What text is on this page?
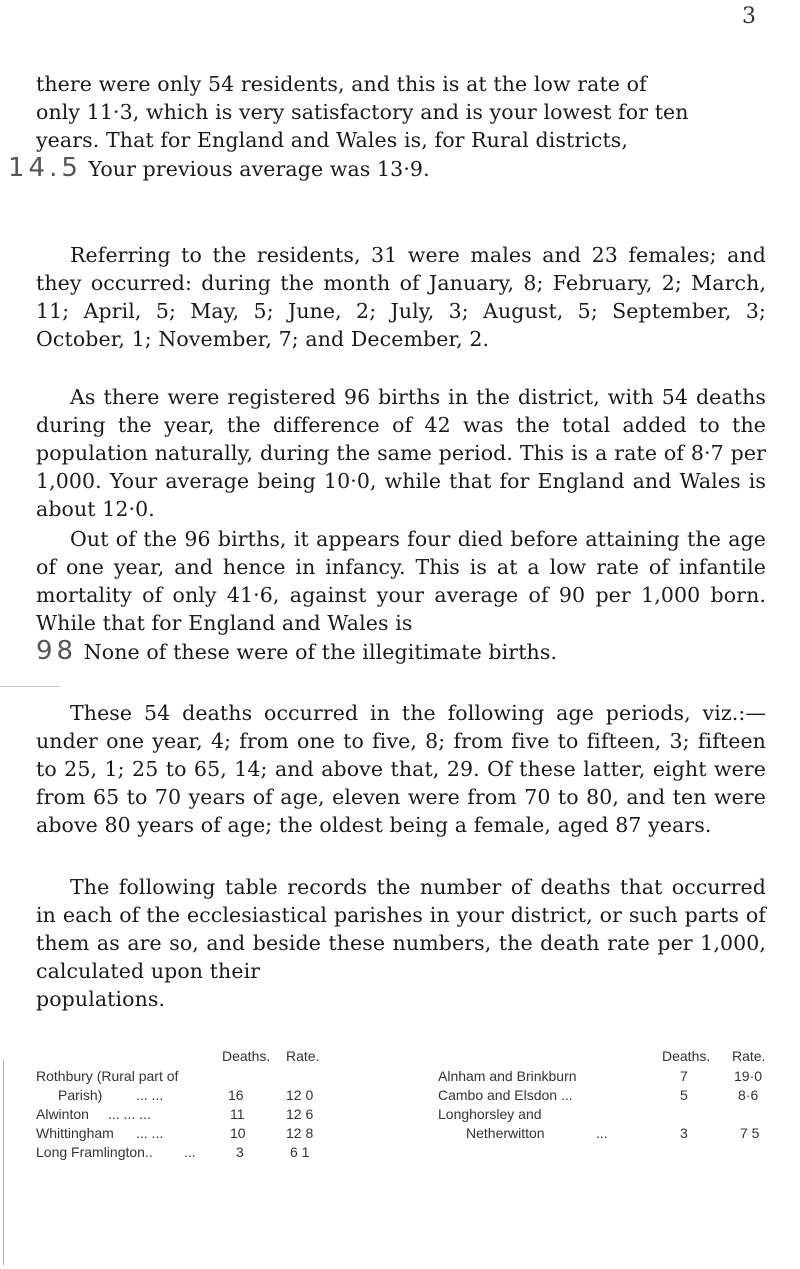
3

there were only 54 residents, and this is at the low rate of
only 11·3, which is very satisfactory and is your lowest for ten
years. That for England and Wales is, for Rural districts,
14.5 Your previous average was 13·9.

Referring to the residents, 31 were males and 23 females; and they occurred: during the month of January, 8; February, 2; March, 11; April, 5; May, 5; June, 2; July, 3; August, 5; September, 3; October, 1; November, 7; and December, 2.

As there were registered 96 births in the district, with 54 deaths during the year, the difference of 42 was the total added to the population naturally, during the same period. This is a rate of 8·7 per 1,000. Your average being 10·0, while that for England and Wales is about 12·0.

Out of the 96 births, it appears four died before attaining the age of one year, and hence in infancy. This is at a low rate of infantile mortality of only 41·6, against your average of 90 per 1,000 born. While that for England and Wales is
98 None of these were of the illegitimate births.

These 54 deaths occurred in the following age periods, viz.:—under one year, 4; from one to five, 8; from five to fifteen, 3; fifteen to 25, 1; 25 to 65, 14; and above that, 29. Of these latter, eight were from 65 to 70 years of age, eleven were from 70 to 80, and ten were above 80 years of age; the oldest being a female, aged 87 years.

The following table records the number of deaths that occurred in each of the ecclesiastical parishes in your district, or such parts of them as are so, and beside these numbers, the death rate per 1,000, calculated upon their
populations.

Deaths. Rate.	Deaths. Rate.
Rothbury (Rural part of
Parish) ... ...	16	12 0
Alwinton ... ... ...	11	12 6
Whittingham ... ...	10	12 8
Long Framlington.. ...	3	6 1
Alnham and Brinkburn	7	19·0
Cambo and Elsdon ...	5	8·6
Longhorsley and
Netherwitton	...	3	7 5
